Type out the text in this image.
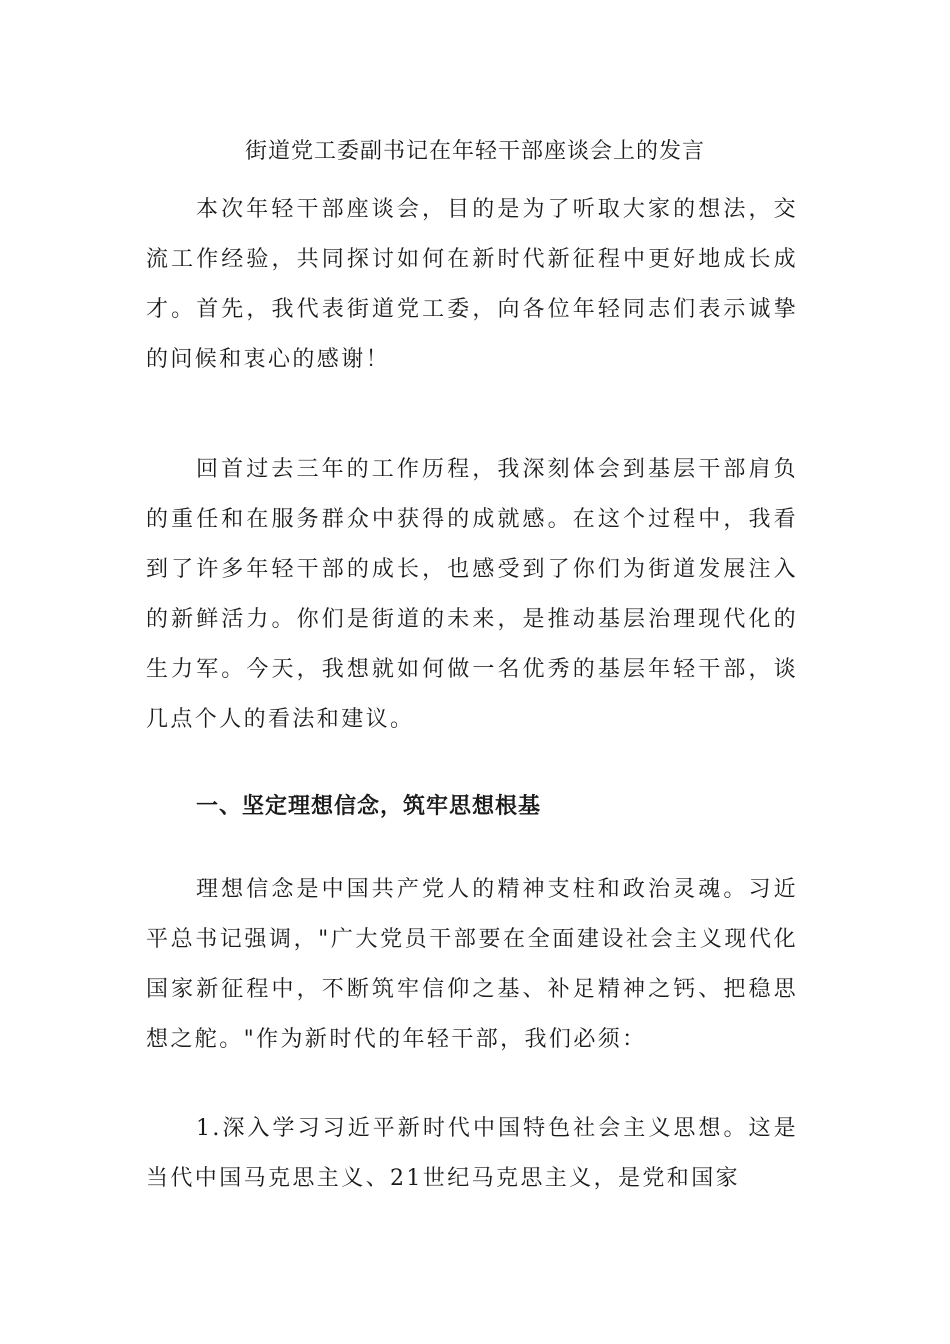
街道党工委副书记在年轻干部座谈会上的发言

本次年轻干部座谈会，目的是为了听取大家的想法，交流工作经验，共同探讨如何在新时代新征程中更好地成长成才。首先，我代表街道党工委，向各位年轻同志们表示诚挚的问候和衷心的感谢！

回首过去三年的工作历程，我深刻体会到基层干部肩负的重任和在服务群众中获得的成就感。在这个过程中，我看到了许多年轻干部的成长，也感受到了你们为街道发展注入的新鲜活力。你们是街道的未来，是推动基层治理现代化的生力军。今天，我想就如何做一名优秀的基层年轻干部，谈几点个人的看法和建议。

一、坚定理想信念，筑牢思想根基

理想信念是中国共产党人的精神支柱和政治灵魂。习近平总书记强调，"广大党员干部要在全面建设社会主义现代化国家新征程中，不断筑牢信仰之基、补足精神之钙、把稳思想之舵。"作为新时代的年轻干部，我们必须：

1.深入学习习近平新时代中国特色社会主义思想。这是当代中国马克思主义、21世纪马克思主义，是党和国家
